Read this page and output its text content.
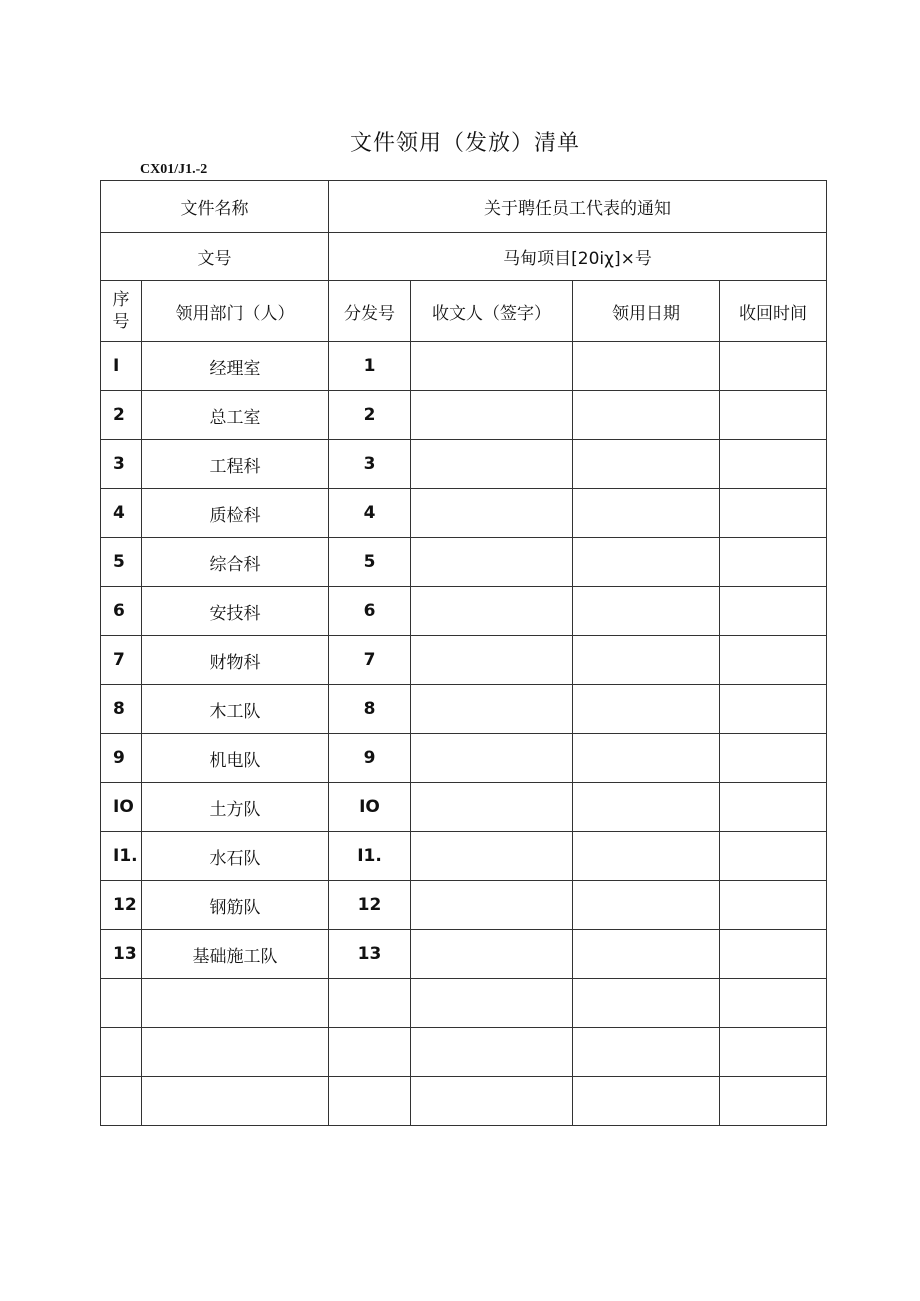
文件领用（发放）清单
CX01/J1.-2
文件名称		关于聘任员工代表的通知			
文号		马甸项目[20iχ]×号			

序
号	领用部门（人）	分发号	收文人（签字）	领用日期	收回时间
I	经理室	1			
2	总工室	2			
3	工程科	3			
4	质检科	4			
5	综合科	5			
6	安技科	6			
7	财物科	7			
8	木工队	8			
9	机电队	9			
IO	土方队	IO			
I1.	水石队	I1.			
12	钢筋队	12			
13	基础施工队	13			
